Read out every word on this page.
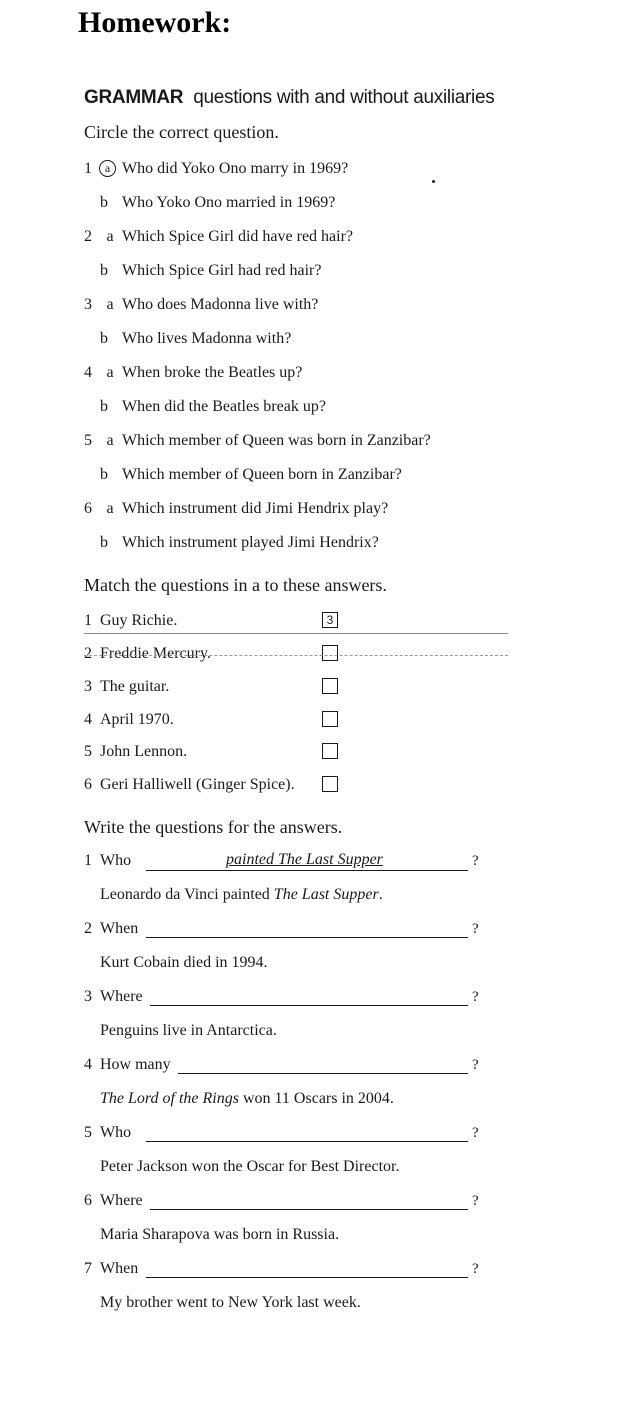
Homework:
GRAMMAR questions with and without auxiliaries
Circle the correct question.
1 a Who did Yoko Ono marry in 1969?
b Who Yoko Ono married in 1969?
2 a Which Spice Girl did have red hair?
b Which Spice Girl had red hair?
3 a Who does Madonna live with?
b Who lives Madonna with?
4 a When broke the Beatles up?
b When did the Beatles break up?
5 a Which member of Queen was born in Zanzibar?
b Which member of Queen born in Zanzibar?
6 a Which instrument did Jimi Hendrix play?
b Which instrument played Jimi Hendrix?
Match the questions in a to these answers.
1 Guy Richie.	3
2 Freddie Mercury.
3 The guitar.
4 April 1970.
5 John Lennon.
6 Geri Halliwell (Ginger Spice).
Write the questions for the answers.
1 Who	painted The Last Supper	?
Leonardo da Vinci painted The Last Supper.
2 When	?
Kurt Cobain died in 1994.
3 Where	?
Penguins live in Antarctica.
4 How many	?
The Lord of the Rings won 11 Oscars in 2004.
5 Who	?
Peter Jackson won the Oscar for Best Director.
6 Where	?
Maria Sharapova was born in Russia.
7 When	?
My brother went to New York last week.
